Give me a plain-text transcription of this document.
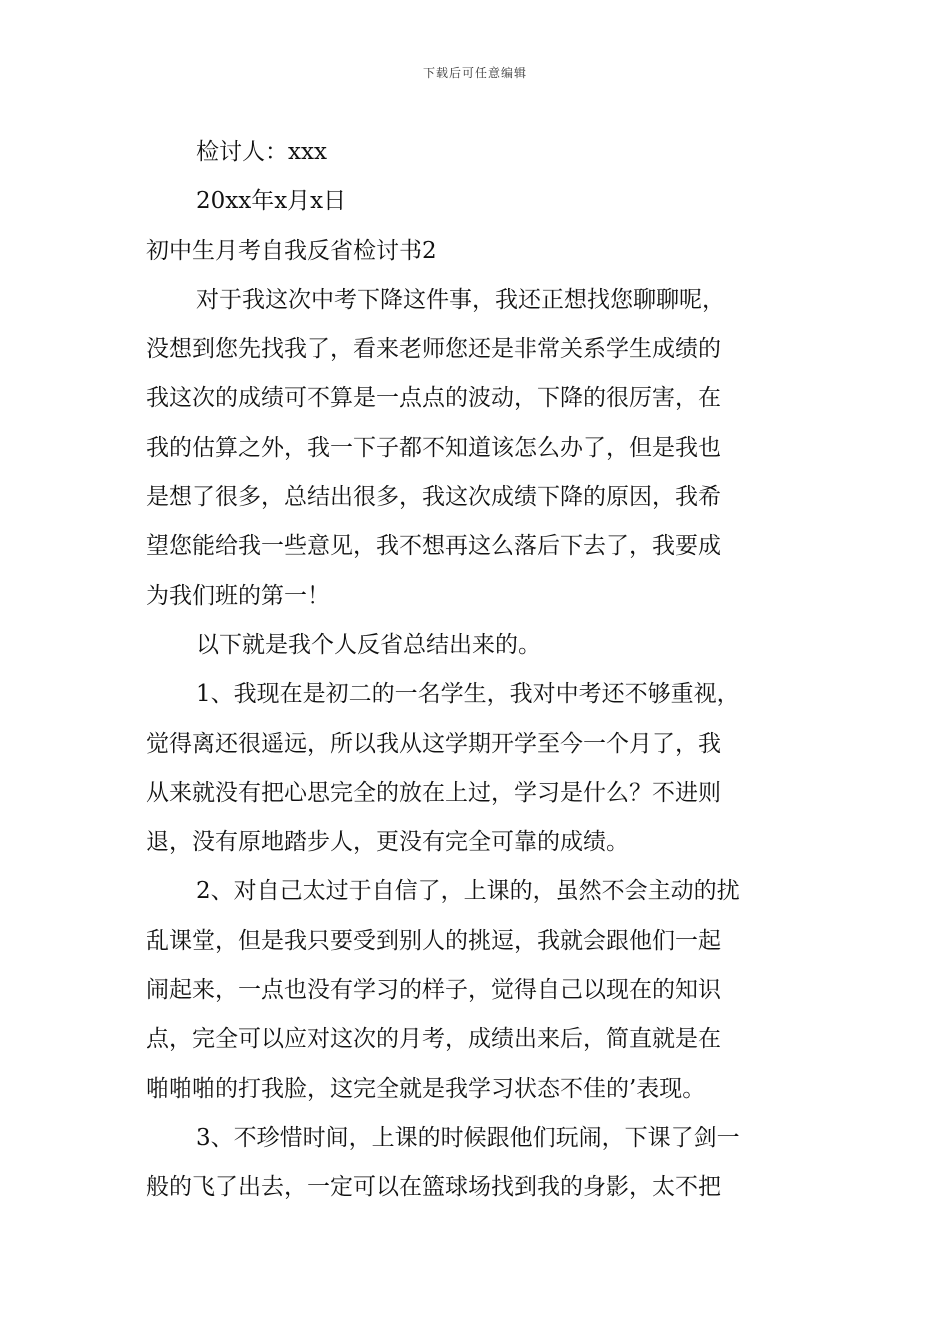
下载后可任意编辑
检讨人：xxx
20xx年x月x日
初中生月考自我反省检讨书2
对于我这次中考下降这件事，我还正想找您聊聊呢，
没想到您先找我了，看来老师您还是非常关系学生成绩的
我这次的成绩可不算是一点点的波动，下降的很厉害，在
我的估算之外，我一下子都不知道该怎么办了，但是我也
是想了很多，总结出很多，我这次成绩下降的原因，我希
望您能给我一些意见，我不想再这么落后下去了，我要成
为我们班的第一！
以下就是我个人反省总结出来的。
1、我现在是初二的一名学生，我对中考还不够重视，
觉得离还很遥远，所以我从这学期开学至今一个月了，我
从来就没有把心思完全的放在上过，学习是什么？不进则
退，没有原地踏步人，更没有完全可靠的成绩。
2、对自己太过于自信了，上课的，虽然不会主动的扰
乱课堂，但是我只要受到别人的挑逗，我就会跟他们一起
闹起来，一点也没有学习的样子，觉得自己以现在的知识
点，完全可以应对这次的月考，成绩出来后，简直就是在
啪啪啪的打我脸，这完全就是我学习状态不佳的’表现。
3、不珍惜时间，上课的时候跟他们玩闹，下课了剑一
般的飞了出去，一定可以在篮球场找到我的身影，太不把
